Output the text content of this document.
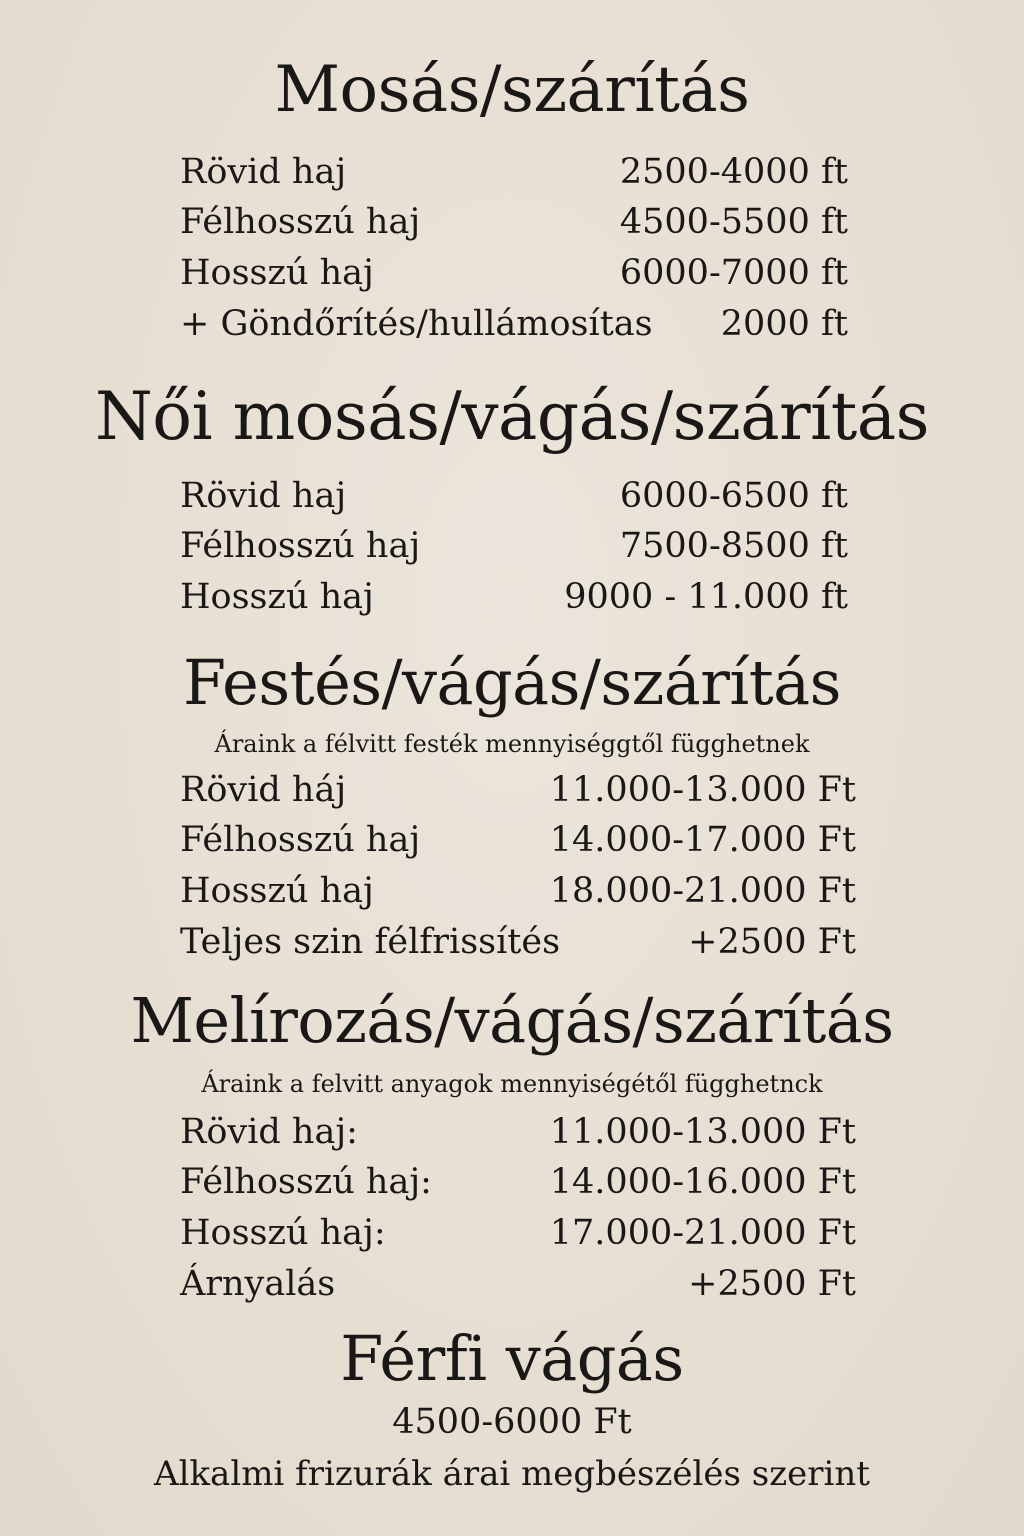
Mosás/szárítás
Rövid haj	2500-4000 ft
Félhosszú haj	4500-5500 ft
Hosszú haj	6000-7000 ft
+ Göndőrítés/hullámosítas 2000 ft
Női mosás/vágás/szárítás
Rövid haj	6000-6500 ft
Félhosszú haj	7500-8500 ft
Hosszú haj	9000 - 11.000 ft
Festés/vágás/szárítás
Áraink a félvitt festék mennyiséggtől függhetnek
Rövid háj	11.000-13.000 Ft
Félhosszú haj	14.000-17.000 Ft
Hosszú haj	18.000-21.000 Ft
Teljes szin félfrissítés	+2500 Ft
Melírozás/vágás/szárítás
Áraink a felvitt anyagok mennyiségétől függhetnck
Rövid haj:	11.000-13.000 Ft
Félhosszú haj:	14.000-16.000 Ft
Hosszú haj:	17.000-21.000 Ft
Árnyalás	+2500 Ft
Férfi vágás
4500-6000 Ft
Alkalmi frizurák árai megbészélés szerint
